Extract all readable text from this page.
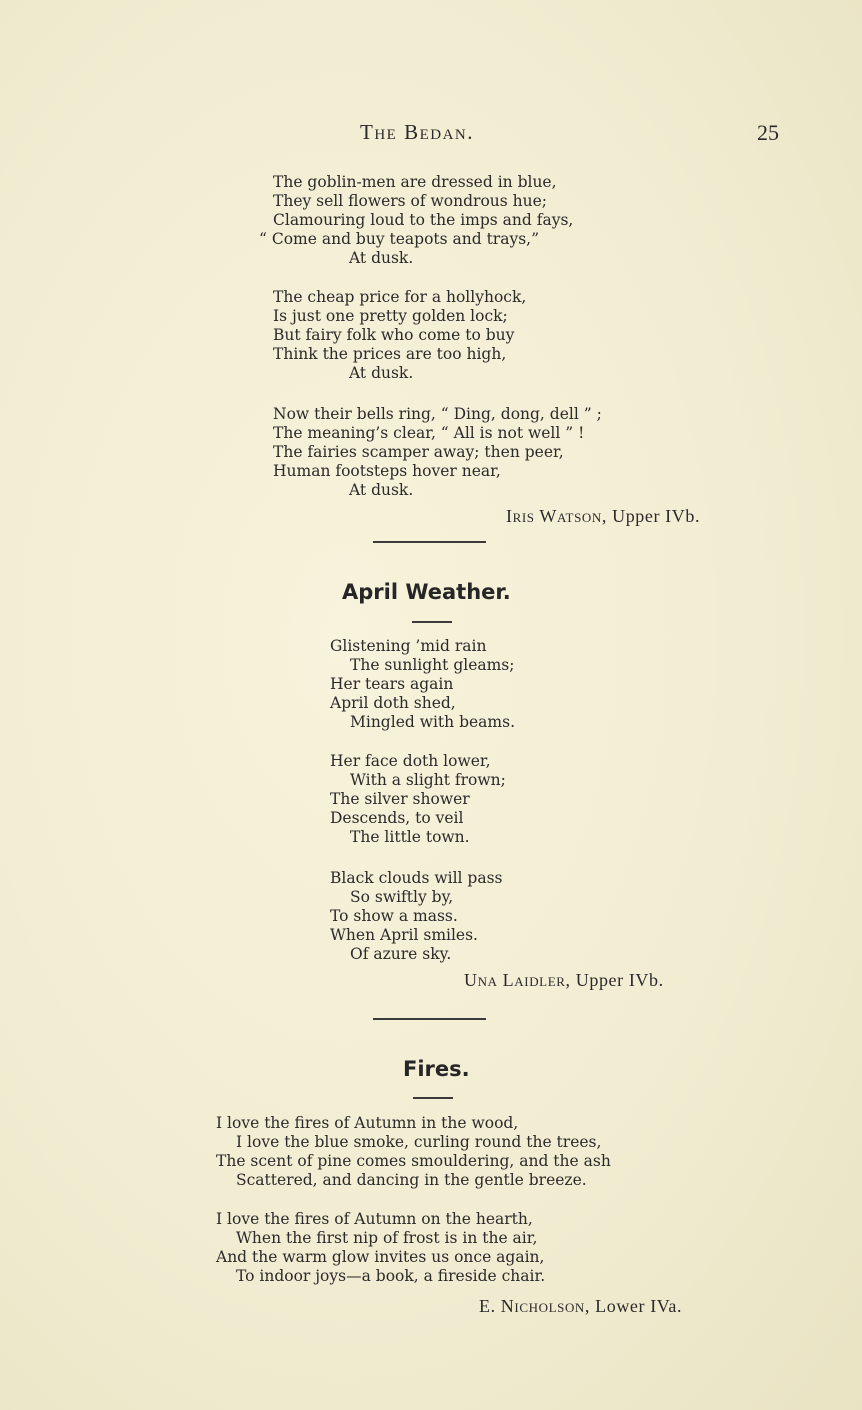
The Bedan.	25
The goblin-men are dressed in blue,
They sell flowers of wondrous hue;
Clamouring loud to the imps and fays,
“ Come and buy teapots and trays,”
At dusk.
The cheap price for a hollyhock,
Is just one pretty golden lock;
But fairy folk who come to buy
Think the prices are too high,
At dusk.
Now their bells ring, “ Ding, dong, dell ” ;
The meaning’s clear, “ All is not well ” !
The fairies scamper away; then peer,
Human footsteps hover near,
At dusk.
Iris Watson, Upper IVb.
April Weather.
Glistening ’mid rain
The sunlight gleams;
Her tears again
April doth shed,
Mingled with beams.
Her face doth lower,
With a slight frown;
The silver shower
Descends, to veil
The little town.
Black clouds will pass
So swiftly by,
To show a mass.
When April smiles.
Of azure sky.
Una Laidler, Upper IVb.
Fires.
I love the fires of Autumn in the wood,
I love the blue smoke, curling round the trees,
The scent of pine comes smouldering, and the ash
Scattered, and dancing in the gentle breeze.
I love the fires of Autumn on the hearth,
When the first nip of frost is in the air,
And the warm glow invites us once again,
To indoor joys—a book, a fireside chair.
E. Nicholson, Lower IVa.
